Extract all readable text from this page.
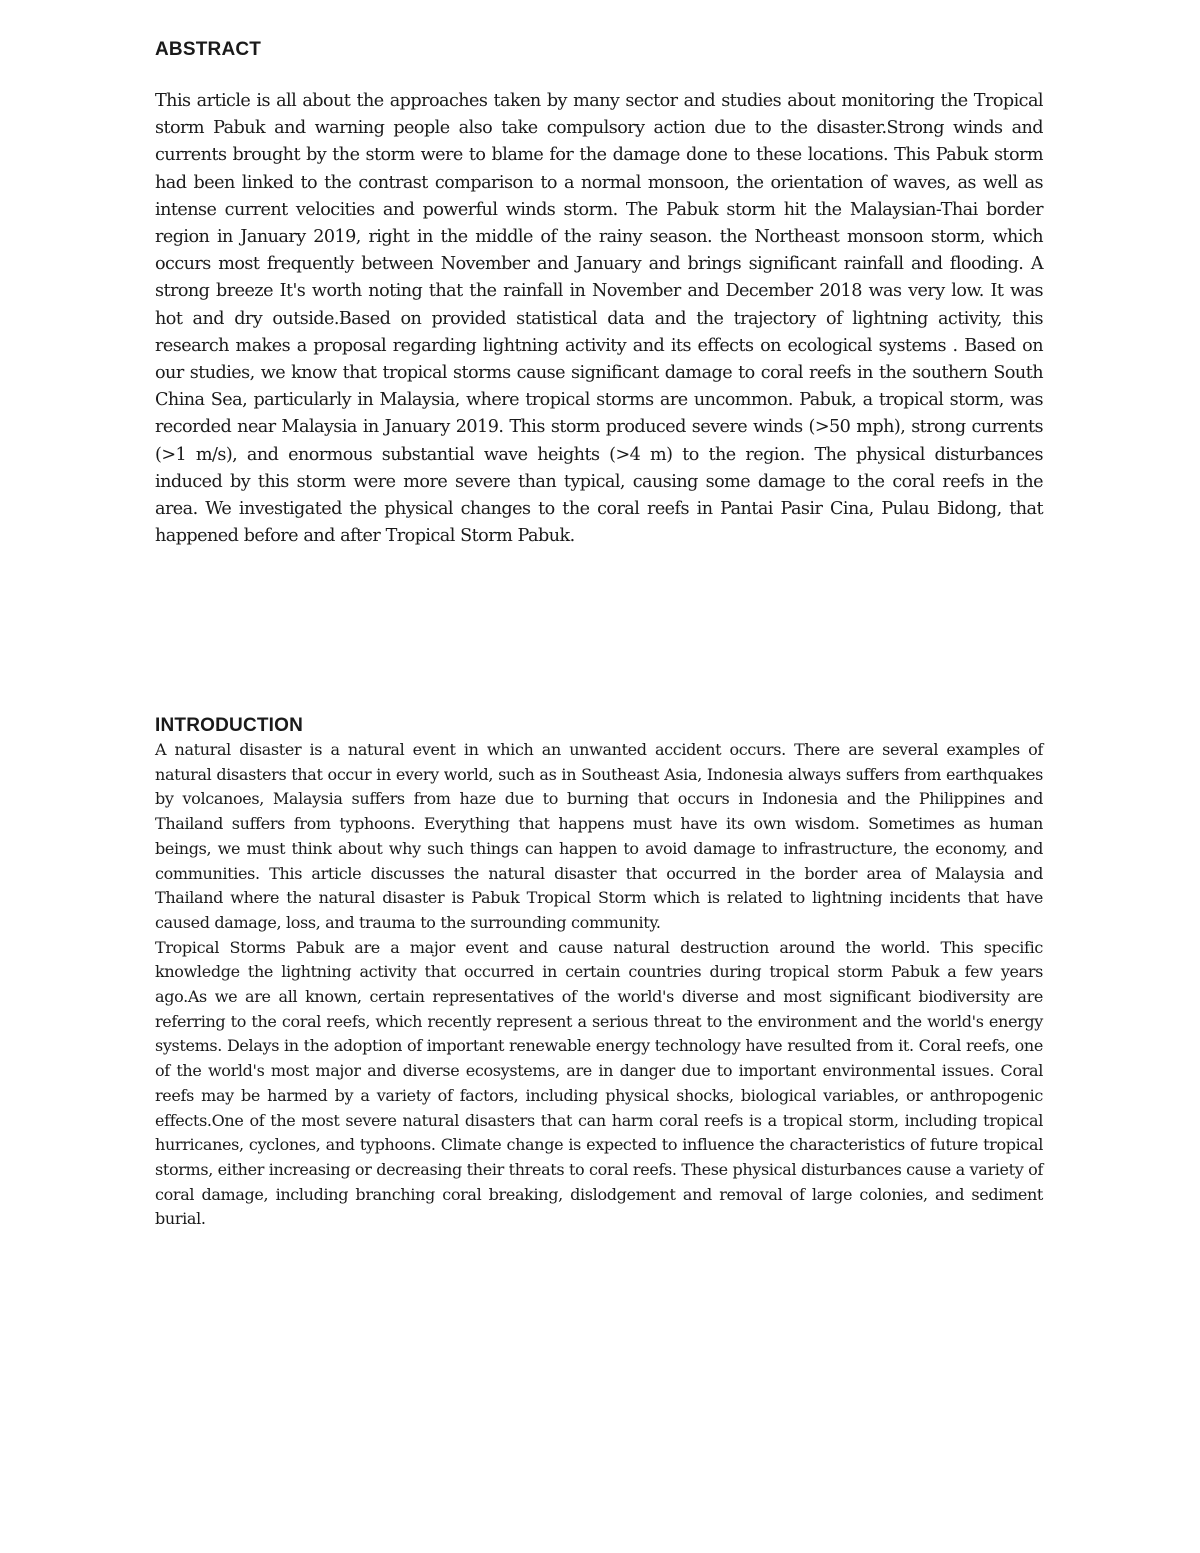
ABSTRACT

This article is all about the approaches taken by many sector and studies about monitoring the Tropical storm Pabuk and warning people also take compulsory action due to the disaster.Strong winds and currents brought by the storm were to blame for the damage done to these locations. This Pabuk storm had been linked to the contrast comparison to a normal monsoon, the orientation of waves, as well as intense current velocities and powerful winds storm. The Pabuk storm hit the Malaysian-Thai border region in January 2019, right in the middle of the rainy season. the Northeast monsoon storm, which occurs most frequently between November and January and brings significant rainfall and flooding. A strong breeze It's worth noting that the rainfall in November and December 2018 was very low. It was hot and dry outside.Based on provided statistical data and the trajectory of lightning activity, this research makes a proposal regarding lightning activity and its effects on ecological systems . Based on our studies, we know that tropical storms cause significant damage to coral reefs in the southern South China Sea, particularly in Malaysia, where tropical storms are uncommon. Pabuk, a tropical storm, was recorded near Malaysia in January 2019. This storm produced severe winds (>50 mph), strong currents (>1 m/s), and enormous substantial wave heights (>4 m) to the region. The physical disturbances induced by this storm were more severe than typical, causing some damage to the coral reefs in the area. We investigated the physical changes to the coral reefs in Pantai Pasir Cina, Pulau Bidong, that happened before and after Tropical Storm Pabuk.

INTRODUCTION

A natural disaster is a natural event in which an unwanted accident occurs. There are several examples of natural disasters that occur in every world, such as in Southeast Asia, Indonesia always suffers from earthquakes by volcanoes, Malaysia suffers from haze due to burning that occurs in Indonesia and the Philippines and Thailand suffers from typhoons. Everything that happens must have its own wisdom. Sometimes as human beings, we must think about why such things can happen to avoid damage to infrastructure, the economy, and communities. This article discusses the natural disaster that occurred in the border area of Malaysia and Thailand where the natural disaster is Pabuk Tropical Storm which is related to lightning incidents that have caused damage, loss, and trauma to the surrounding community.

Tropical Storms Pabuk are a major event and cause natural destruction around the world. This specific knowledge the lightning activity that occurred in certain countries during tropical storm Pabuk a few years ago.As we are all known, certain representatives of the world's diverse and most significant biodiversity are referring to the coral reefs, which recently represent a serious threat to the environment and the world's energy systems. Delays in the adoption of important renewable energy technology have resulted from it. Coral reefs, one of the world's most major and diverse ecosystems, are in danger due to important environmental issues. Coral reefs may be harmed by a variety of factors, including physical shocks, biological variables, or anthropogenic effects.One of the most severe natural disasters that can harm coral reefs is a tropical storm, including tropical hurricanes, cyclones, and typhoons. Climate change is expected to influence the characteristics of future tropical storms, either increasing or decreasing their threats to coral reefs. These physical disturbances cause a variety of coral damage, including branching coral breaking, dislodgement and removal of large colonies, and sediment burial.
